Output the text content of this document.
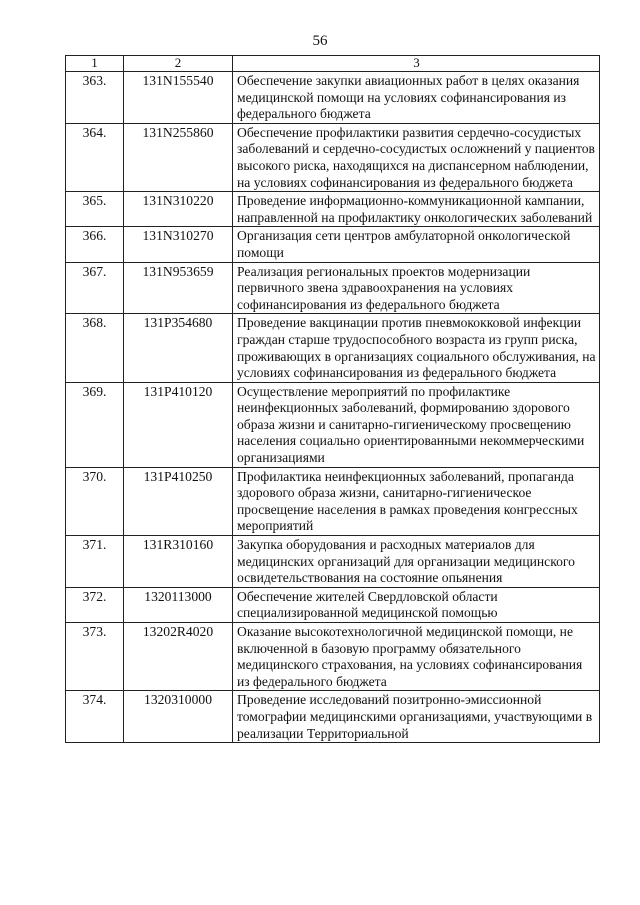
56
1	2	3
363.	131N155540	Обеспечение закупки авиационных работ в целях оказания медицинской помощи на условиях софинансирования из федерального бюджета
364.	131N255860	Обеспечение профилактики развития сердечно-сосудистых заболеваний и сердечно-сосудистых осложнений у пациентов высокого риска, находящихся на диспансерном наблюдении, на условиях софинансирования из федерального бюджета
365.	131N310220	Проведение информационно-коммуникационной кампании, направленной на профилактику онкологических заболеваний
366.	131N310270	Организация сети центров амбулаторной онкологической помощи
367.	131N953659	Реализация региональных проектов модернизации первичного звена здравоохранения на условиях софинансирования из федерального бюджета
368.	131P354680	Проведение вакцинации против пневмококковой инфекции граждан старше трудоспособного возраста из групп риска, проживающих в организациях социального обслуживания, на условиях софинансирования из федерального бюджета
369.	131P410120	Осуществление мероприятий по профилактике неинфекционных заболеваний, формированию здорового образа жизни и санитарно-гигиеническому просвещению населения социально ориентированными некоммерческими организациями
370.	131P410250	Профилактика неинфекционных заболеваний, пропаганда здорового образа жизни, санитарно-гигиеническое просвещение населения в рамках проведения конгрессных мероприятий
371.	131R310160	Закупка оборудования и расходных материалов для медицинских организаций для организации медицинского освидетельствования на состояние опьянения
372.	1320113000	Обеспечение жителей Свердловской области специализированной медицинской помощью
373.	13202R4020	Оказание высокотехнологичной медицинской помощи, не включенной в базовую программу обязательного медицинского страхования, на условиях софинансирования из федерального бюджета
374.	1320310000	Проведение исследований позитронно-эмиссионной томографии медицинскими организациями, участвующими в реализации Территориальной
